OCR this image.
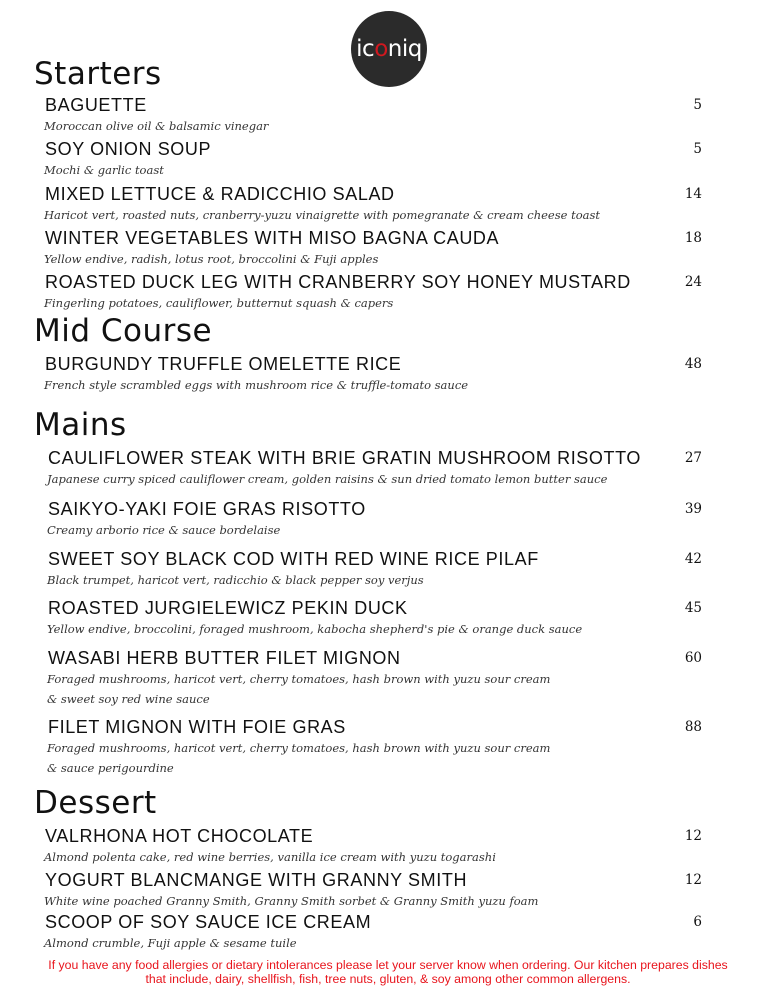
iconiq
Starters
BAGUETTE
Moroccan olive oil & balsamic vinegar
5
SOY ONION SOUP
Mochi & garlic toast
5
MIXED LETTUCE & RADICCHIO SALAD
Haricot vert, roasted nuts, cranberry-yuzu vinaigrette with pomegranate & cream cheese toast
14
WINTER VEGETABLES WITH MISO BAGNA CAUDA
Yellow endive, radish, lotus root, broccolini & Fuji apples
18
ROASTED DUCK LEG WITH CRANBERRY SOY HONEY MUSTARD
Fingerling potatoes, cauliflower, butternut squash & capers
24
Mid Course
BURGUNDY TRUFFLE OMELETTE RICE
French style scrambled eggs with mushroom rice & truffle-tomato sauce
48
Mains
CAULIFLOWER STEAK WITH BRIE GRATIN MUSHROOM RISOTTO
Japanese curry spiced cauliflower cream, golden raisins & sun dried tomato lemon butter sauce
27
SAIKYO-YAKI FOIE GRAS RISOTTO
Creamy arborio rice & sauce bordelaise
39
SWEET SOY BLACK COD WITH RED WINE RICE PILAF
Black trumpet, haricot vert, radicchio & black pepper soy verjus
42
ROASTED JURGIELEWICZ PEKIN DUCK
Yellow endive, broccolini, foraged mushroom, kabocha shepherd's pie & orange duck sauce
45
WASABI HERB BUTTER FILET MIGNON
Foraged mushrooms, haricot vert, cherry tomatoes, hash brown with yuzu sour cream
& sweet soy red wine sauce
60
FILET MIGNON WITH FOIE GRAS
Foraged mushrooms, haricot vert, cherry tomatoes, hash brown with yuzu sour cream
& sauce perigourdine
88
Dessert
VALRHONA HOT CHOCOLATE
Almond polenta cake, red wine berries, vanilla ice cream with yuzu togarashi
12
YOGURT BLANCMANGE WITH GRANNY SMITH
White wine poached Granny Smith, Granny Smith sorbet & Granny Smith yuzu foam
12
SCOOP OF SOY SAUCE ICE CREAM
Almond crumble, Fuji apple & sesame tuile
6
If you have any food allergies or dietary intolerances please let your server know when ordering. Our kitchen prepares dishes
that include, dairy, shellfish, fish, tree nuts, gluten, & soy among other common allergens.
